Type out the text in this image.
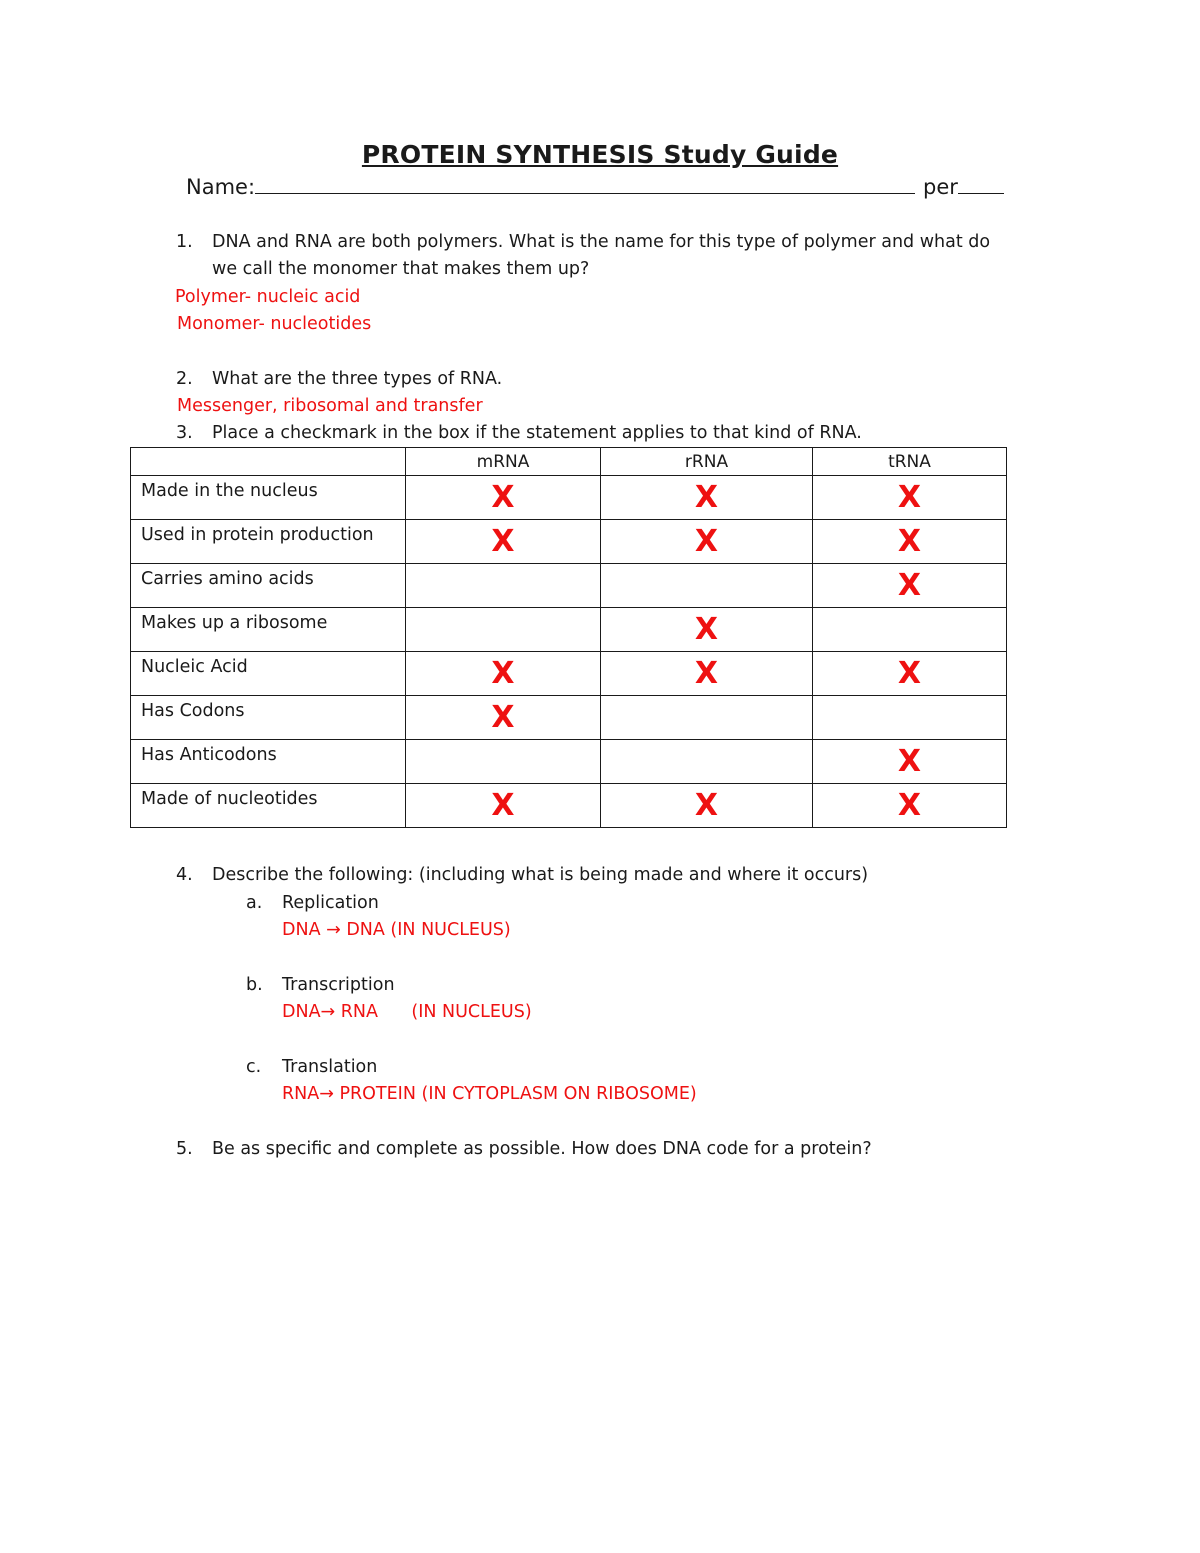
PROTEIN SYNTHESIS Study Guide
Name:	per
1. DNA and RNA are both polymers. What is the name for this type of polymer and what do
we call the monomer that makes them up?
Polymer- nucleic acid
Monomer- nucleotides
2. What are the three types of RNA.
Messenger, ribosomal and transfer
3. Place a checkmark in the box if the statement applies to that kind of RNA.
	mRNA	rRNA	tRNA
Made in the nucleus	X	X	X
Used in protein production	X	X	X
Carries amino acids			X
Makes up a ribosome		X	
Nucleic Acid	X	X	X
Has Codons	X		
Has Anticodons			X
Made of nucleotides	X	X	X
4. Describe the following: (including what is being made and where it occurs)
a. Replication
DNA → DNA (IN NUCLEUS)
b. Transcription
DNA→ RNA      (IN NUCLEUS)
c. Translation
RNA→ PROTEIN (IN CYTOPLASM ON RIBOSOME)
5. Be as specific and complete as possible. How does DNA code for a protein?
